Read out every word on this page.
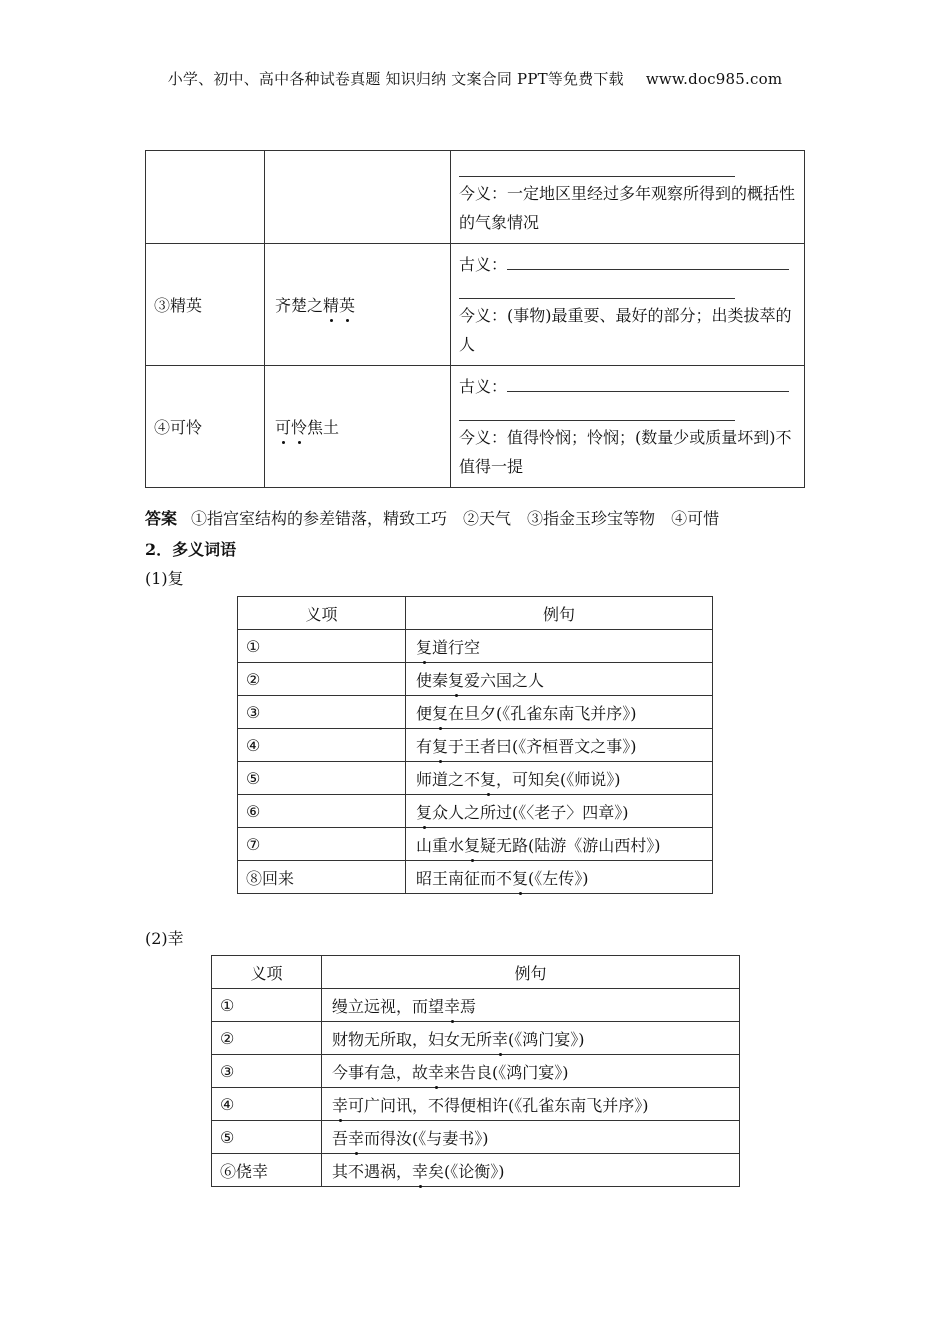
小学、初中、高中各种试卷真题 知识归纳 文案合同 PPT等免费下载 www.doc985.com

今义：一定地区里经过多年观察所得到的概括性的气象情况
③精英	齐楚之精英	古义：
今义：(事物)最重要、最好的部分；出类拔萃的人
④可怜	可怜焦土	古义：
今义：值得怜悯；怜悯；(数量少或质量坏到)不值得一提
答案 ①指宫室结构的参差错落，精致工巧 ②天气 ③指金玉珍宝等物 ④可惜
2．多义词语
(1)复
义项	例句
①	复道行空
②	使秦复爱六国之人
③	便复在旦夕(《孔雀东南飞并序》)
④	有复于王者曰(《齐桓晋文之事》)
⑤	师道之不复，可知矣(《师说》)
⑥	复众人之所过(《〈老子〉四章》)
⑦	山重水复疑无路(陆游《游山西村》)
⑧回来	昭王南征而不复(《左传》)
(2)幸
义项	例句
①	缦立远视，而望幸焉
②	财物无所取，妇女无所幸(《鸿门宴》)
③	今事有急，故幸来告良(《鸿门宴》)
④	幸可广问讯，不得便相许(《孔雀东南飞并序》)
⑤	吾幸而得汝(《与妻书》)
⑥侥幸	其不遇祸，幸矣(《论衡》)
